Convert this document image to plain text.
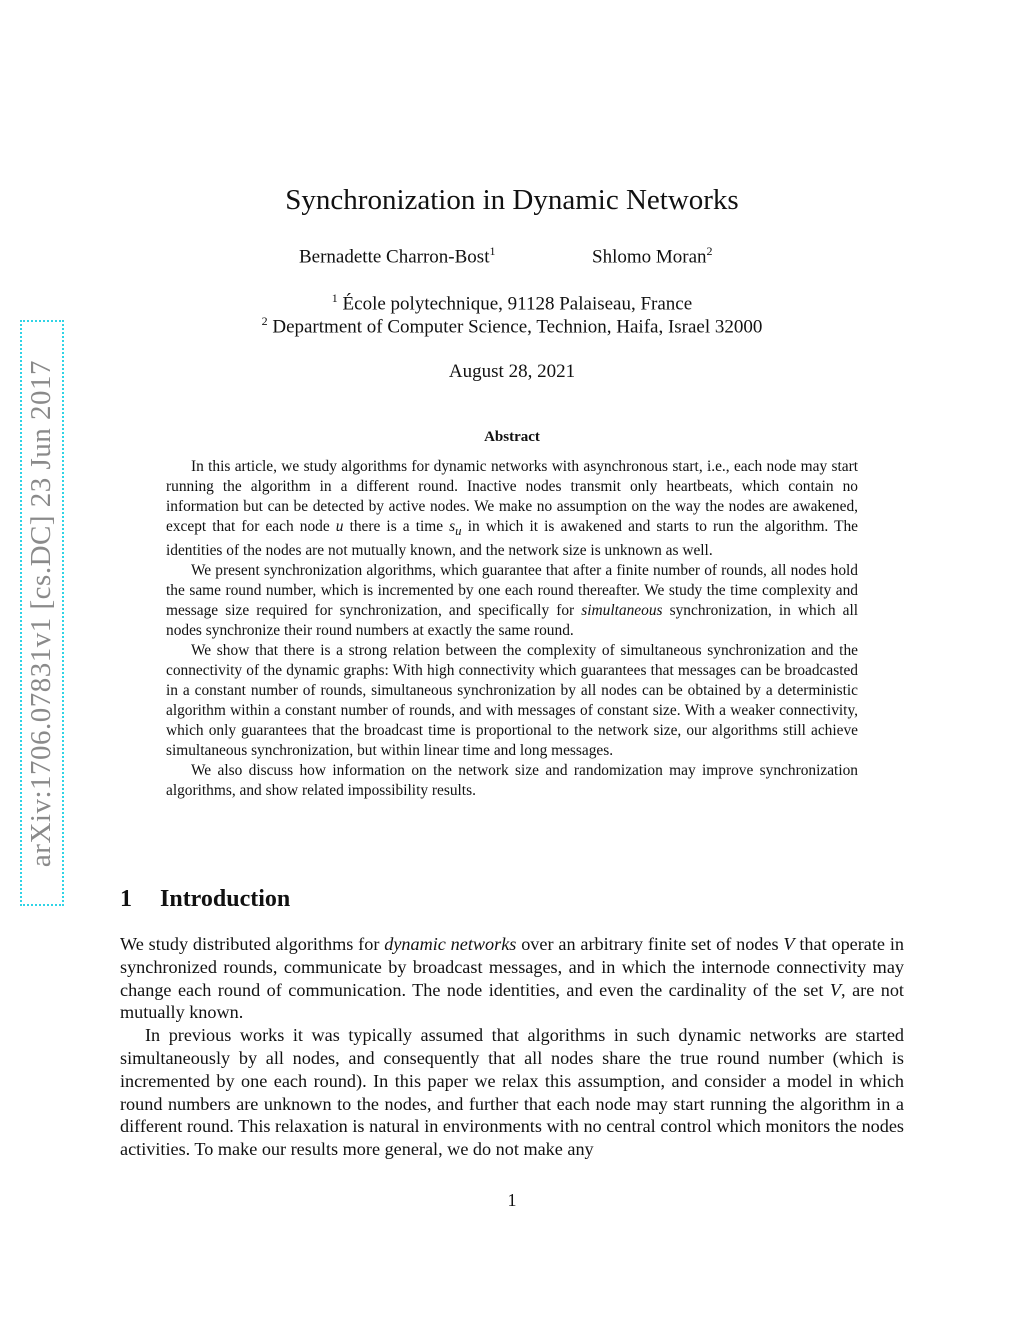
arXiv:1706.07831v1 [cs.DC] 23 Jun 2017
Synchronization in Dynamic Networks
Bernadette Charron-Bost$^1$	Shlomo Moran$^2$
$^1$ École polytechnique, 91128 Palaiseau, France
$^2$ Department of Computer Science, Technion, Haifa, Israel 32000
August 28, 2021
Abstract

In this article, we study algorithms for dynamic networks with asynchronous start, i.e., each node may start running the algorithm in a different round. Inactive nodes transmit only heartbeats, which contain no information but can be detected by active nodes. We make no assumption on the way the nodes are awakened, except that for each node u there is a time $s_u$ in which it is awakened and starts to run the algorithm. The identities of the nodes are not mutually known, and the network size is unknown as well.

We present synchronization algorithms, which guarantee that after a finite number of rounds, all nodes hold the same round number, which is incremented by one each round thereafter. We study the time complexity and message size required for synchronization, and specifically for simultaneous synchronization, in which all nodes synchronize their round numbers at exactly the same round.

We show that there is a strong relation between the complexity of simultaneous synchronization and the connectivity of the dynamic graphs: With high connectivity which guarantees that messages can be broadcasted in a constant number of rounds, simultaneous synchronization by all nodes can be obtained by a deterministic algorithm within a constant number of rounds, and with messages of constant size. With a weaker connectivity, which only guarantees that the broadcast time is proportional to the network size, our algorithms still achieve simultaneous synchronization, but within linear time and long messages.

We also discuss how information on the network size and randomization may improve synchronization algorithms, and show related impossibility results.

1 Introduction

We study distributed algorithms for dynamic networks over an arbitrary finite set of nodes V that operate in synchronized rounds, communicate by broadcast messages, and in which the internode connectivity may change each round of communication. The node identities, and even the cardinality of the set V, are not mutually known.

In previous works it was typically assumed that algorithms in such dynamic networks are started simultaneously by all nodes, and consequently that all nodes share the true round number (which is incremented by one each round). In this paper we relax this assumption, and consider a model in which round numbers are unknown to the nodes, and further that each node may start running the algorithm in a different round. This relaxation is natural in environments with no central control which monitors the nodes activities. To make our results more general, we do not make any

1
